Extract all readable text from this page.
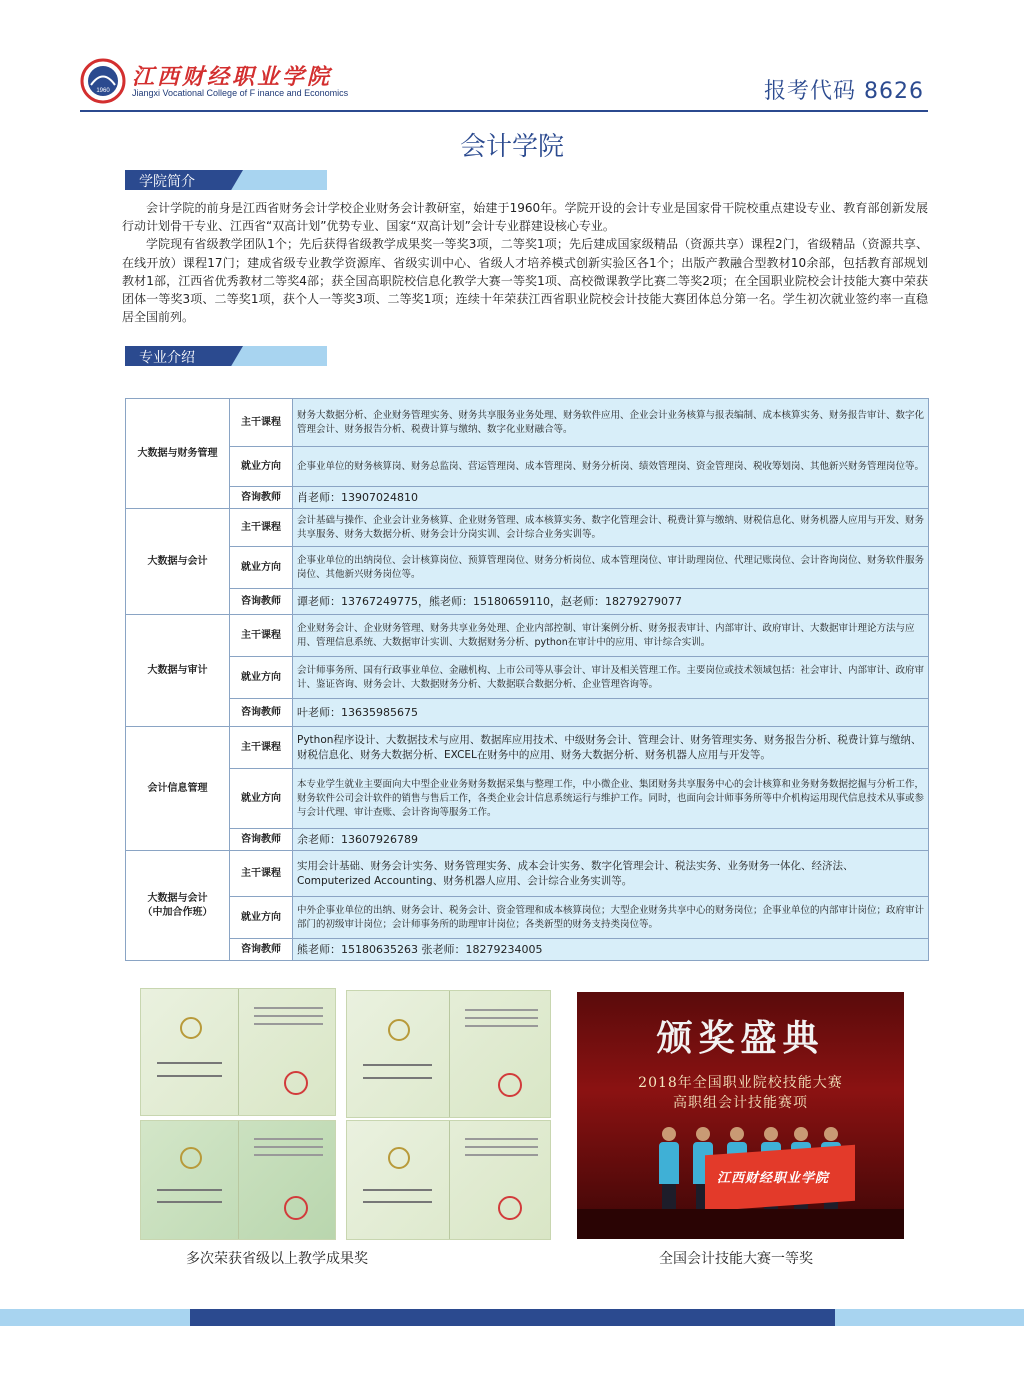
1960
江西财经职业学院
Jiangxi Vocational College of F inance and Economics	报考代码 8626
会计学院
学院简介

会计学院的前身是江西省财务会计学校企业财务会计教研室，始建于1960年。学院开设的会计专业是国家骨干院校重点建设专业、教育部创新发展行动计划骨干专业、江西省“双高计划”优势专业、国家“双高计划”会计专业群建设核心专业。

学院现有省级教学团队1个；先后获得省级教学成果奖一等奖3项，二等奖1项；先后建成国家级精品（资源共享）课程2门，省级精品（资源共享、在线开放）课程17门；建成省级专业教学资源库、省级实训中心、省级人才培养模式创新实验区各1个；出版产教融合型教材10余部，包括教育部规划教材1部，江西省优秀教材二等奖4部；获全国高职院校信息化教学大赛一等奖1项、高校微课教学比赛二等奖2项；在全国职业院校会计技能大赛中荣获团体一等奖3项、二等奖1项，获个人一等奖3项、二等奖1项；连续十年荣获江西省职业院校会计技能大赛团体总分第一名。学生初次就业签约率一直稳居全国前列。

专业介绍
大数据与财务管理	主干课程	财务大数据分析、企业财务管理实务、财务共享服务业务处理、财务软件应用、企业会计业务核算与报表编制、成本核算实务、财务报告审计、数字化管理会计、财务报告分析、税费计算与缴纳、数字化业财融合等。
	就业方向	企事业单位的财务核算岗、财务总监岗、营运管理岗、成本管理岗、财务分析岗、绩效管理岗、资金管理岗、税收筹划岗、其他新兴财务管理岗位等。
	咨询教师	肖老师：13907024810
大数据与会计	主干课程	会计基础与操作、企业会计业务核算、企业财务管理、成本核算实务、数字化管理会计、税费计算与缴纳、财税信息化、财务机器人应用与开发、财务共享服务、财务大数据分析、财务会计分岗实训、会计综合业务实训等。
	就业方向	企事业单位的出纳岗位、会计核算岗位、预算管理岗位、财务分析岗位、成本管理岗位、审计助理岗位、代理记账岗位、会计咨询岗位、财务软件服务岗位、其他新兴财务岗位等。
	咨询教师	谭老师：13767249775，熊老师：15180659110，赵老师：18279279077
大数据与审计	主干课程	企业财务会计、企业财务管理、财务共享业务处理、企业内部控制、审计案例分析、财务报表审计、内部审计、政府审计、大数据审计理论方法与应用、管理信息系统、大数据审计实训、大数据财务分析、python在审计中的应用、审计综合实训。
	就业方向	会计师事务所、国有行政事业单位、金融机构、上市公司等从事会计、审计及相关管理工作。主要岗位或技术领域包括：社会审计、内部审计、政府审计、鉴证咨询、财务会计、大数据财务分析、大数据联合数据分析、企业管理咨询等。
	咨询教师	叶老师：13635985675
会计信息管理	主干课程	Python程序设计、大数据技术与应用、数据库应用技术、中级财务会计、管理会计、财务管理实务、财务报告分析、税费计算与缴纳、财税信息化、财务大数据分析、EXCEL在财务中的应用、财务大数据分析、财务机器人应用与开发等。
	就业方向	本专业学生就业主要面向大中型企业业务财务数据采集与整理工作，中小微企业、集团财务共享服务中心的会计核算和业务财务数据挖掘与分析工作，财务软件公司会计软件的销售与售后工作，各类企业会计信息系统运行与维护工作。同时，也面向会计师事务所等中介机构运用现代信息技术从事或参与会计代理、审计查账、会计咨询等服务工作。
	咨询教师	余老师：13607926789

大数据与会计
（中加合作班）	主干课程	实用会计基础、财务会计实务、财务管理实务、成本会计实务、数字化管理会计、税法实务、业务财务一体化、经济法、Computerized Accounting、财务机器人应用、会计综合业务实训等。
	就业方向	中外企事业单位的出纳、财务会计、税务会计、资金管理和成本核算岗位；大型企业财务共享中心的财务岗位；企事业单位的内部审计岗位；政府审计部门的初级审计岗位；会计师事务所的助理审计岗位；各类新型的财务支持类岗位等。
	咨询教师	熊老师：15180635263 张老师：18279234005
颁奖盛典
2018年全国职业院校技能大赛
高职组会计技能赛项
江西财经职业学院
多次荣获省级以上教学成果奖	全国会计技能大赛一等奖
